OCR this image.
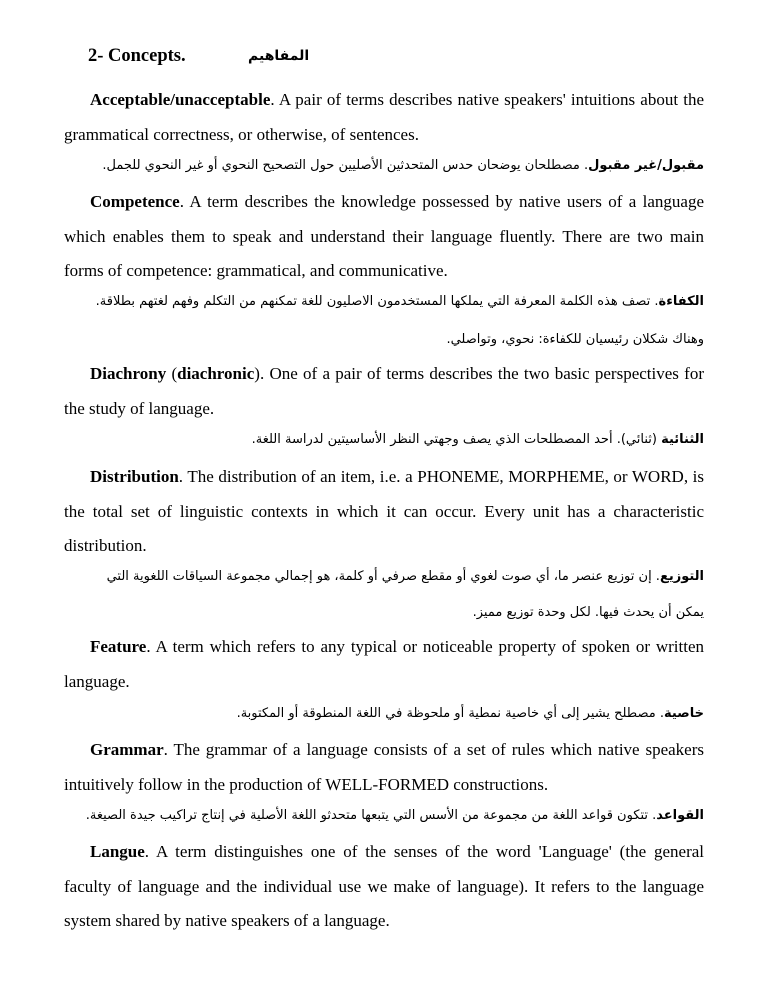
2- Concepts.	المفاهيم
Acceptable/unacceptable. A pair of terms describes native speakers' intuitions about the grammatical correctness, or otherwise, of sentences.
مقبول/غير مقبول. مصطلحان يوضحان حدس المتحدثين الأصليين حول التصحيح النحوي أو غير النحوي للجمل.
Competence. A term describes the knowledge possessed by native users of a language which enables them to speak and understand their language fluently. There are two main forms of competence: grammatical, and communicative.
الكفاءة. تصف هذه الكلمة المعرفة التي يملكها المستخدمون الاصليون للغة تمكنهم من التكلم وفهم لغتهم بطلاقة.
وهناك شكلان رئيسيان للكفاءة: نحوي، وتواصلي.
Diachrony (diachronic). One of a pair of terms describes the two basic perspectives for the study of language.
الثنائية (ثنائي). أحد المصطلحات الذي يصف وجهتي النظر الأساسيتين لدراسة اللغة.
Distribution. The distribution of an item, i.e. a PHONEME, MORPHEME, or WORD, is the total set of linguistic contexts in which it can occur. Every unit has a characteristic distribution.
التوزيع. إن توزيع عنصر ما، أي صوت لغوي أو مقطع صرفي أو كلمة، هو إجمالي مجموعة السياقات اللغوية التي
يمكن أن يحدث فيها. لكل وحدة توزيع مميز.
Feature. A term which refers to any typical or noticeable property of spoken or written language.
خاصية. مصطلح يشير إلى أي خاصية نمطية أو ملحوظة في اللغة المنطوقة أو المكتوبة.
Grammar. The grammar of a language consists of a set of rules which native speakers intuitively follow in the production of WELL-FORMED constructions.
القواعد. تتكون قواعد اللغة من مجموعة من الأسس التي يتبعها متحدثو اللغة الأصلية في إنتاج تراكيب جيدة الصيغة.
Langue. A term distinguishes one of the senses of the word 'Language' (the general faculty of language and the individual use we make of language). It refers to the language system shared by native speakers of a language.
